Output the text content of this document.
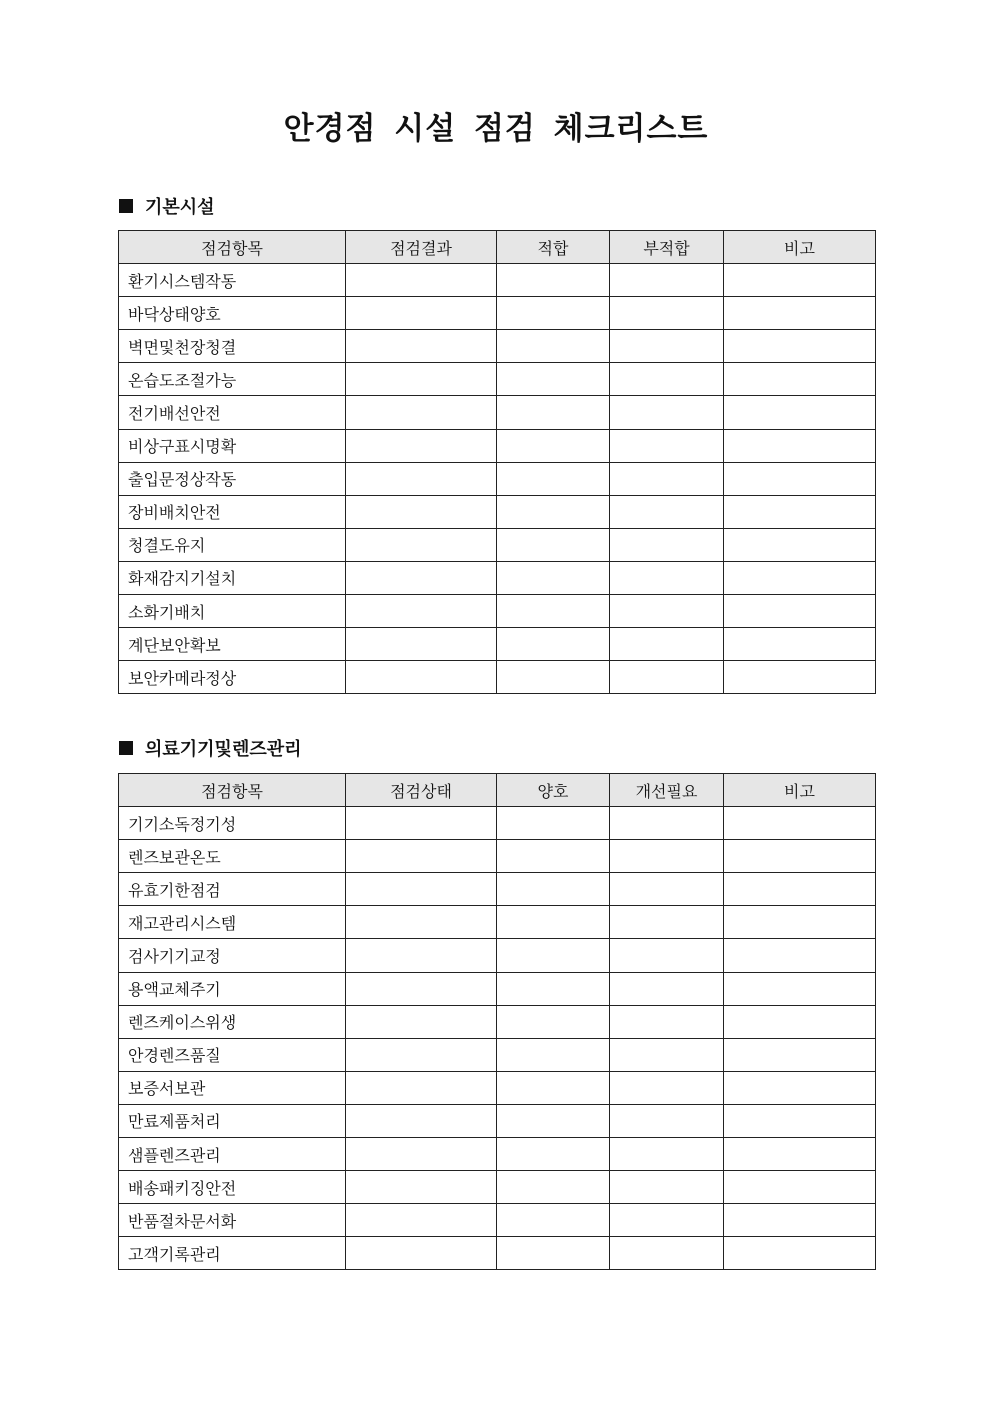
안경점 시설 점검 체크리스트
기본시설
점검항목	점검결과	적합	부적합	비고
환기시스템작동				
바닥상태양호				
벽면및천장청결				
온습도조절가능				
전기배선안전				
비상구표시명확				
출입문정상작동				
장비배치안전				
청결도유지				
화재감지기설치				
소화기배치				
계단보안확보				
보안카메라정상				
의료기기및렌즈관리
점검항목	점검상태	양호	개선필요	비고
기기소독정기성				
렌즈보관온도				
유효기한점검				
재고관리시스템				
검사기기교정				
용액교체주기				
렌즈케이스위생				
안경렌즈품질				
보증서보관				
만료제품처리				
샘플렌즈관리				
배송패키징안전				
반품절차문서화				
고객기록관리				
